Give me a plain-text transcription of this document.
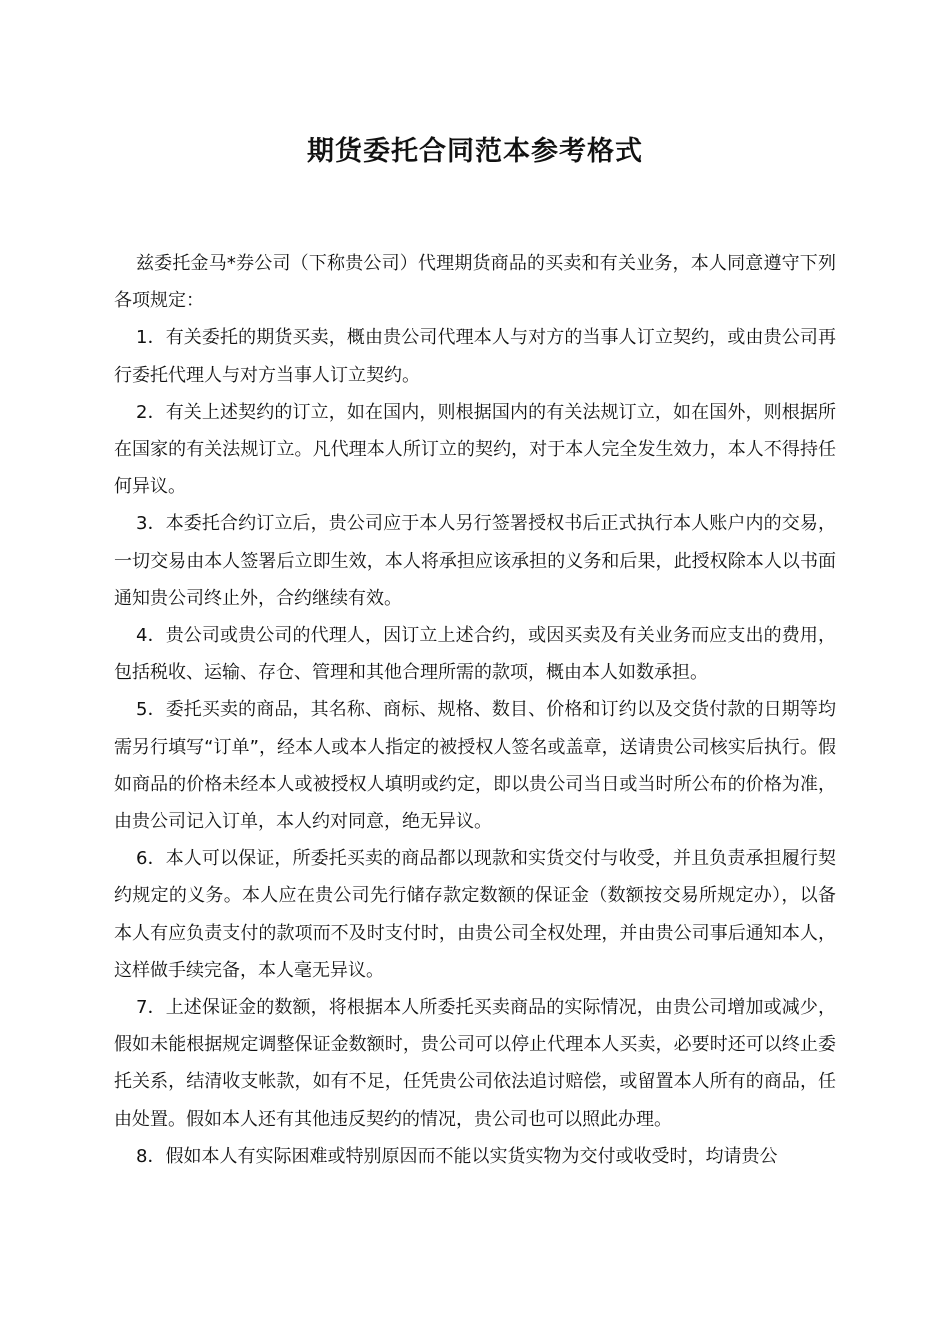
期货委托合同范本参考格式

兹委托金马*券公司（下称贵公司）代理期货商品的买卖和有关业务，本人同意遵守下列各项规定：

1．有关委托的期货买卖，概由贵公司代理本人与对方的当事人订立契约，或由贵公司再行委托代理人与对方当事人订立契约。

2．有关上述契约的订立，如在国内，则根据国内的有关法规订立，如在国外，则根据所在国家的有关法规订立。凡代理本人所订立的契约，对于本人完全发生效力，本人不得持任何异议。

3．本委托合约订立后，贵公司应于本人另行签署授权书后正式执行本人账户内的交易，一切交易由本人签署后立即生效，本人将承担应该承担的义务和后果，此授权除本人以书面通知贵公司终止外，合约继续有效。

4．贵公司或贵公司的代理人，因订立上述合约，或因买卖及有关业务而应支出的费用，包括税收、运输、存仓、管理和其他合理所需的款项，概由本人如数承担。

5．委托买卖的商品，其名称、商标、规格、数目、价格和订约以及交货付款的日期等均需另行填写“订单”，经本人或本人指定的被授权人签名或盖章，送请贵公司核实后执行。假如商品的价格未经本人或被授权人填明或约定，即以贵公司当日或当时所公布的价格为准，由贵公司记入订单，本人约对同意，绝无异议。

6．本人可以保证，所委托买卖的商品都以现款和实货交付与收受，并且负责承担履行契约规定的义务。本人应在贵公司先行储存款定数额的保证金（数额按交易所规定办），以备本人有应负责支付的款项而不及时支付时，由贵公司全权处理，并由贵公司事后通知本人，这样做手续完备，本人毫无异议。

7．上述保证金的数额，将根据本人所委托买卖商品的实际情况，由贵公司增加或减少，假如未能根据规定调整保证金数额时，贵公司可以停止代理本人买卖，必要时还可以终止委托关系，结清收支帐款，如有不足，任凭贵公司依法追讨赔偿，或留置本人所有的商品，任由处置。假如本人还有其他违反契约的情况，贵公司也可以照此办理。

8．假如本人有实际困难或特别原因而不能以实货实物为交付或收受时，均请贵公
